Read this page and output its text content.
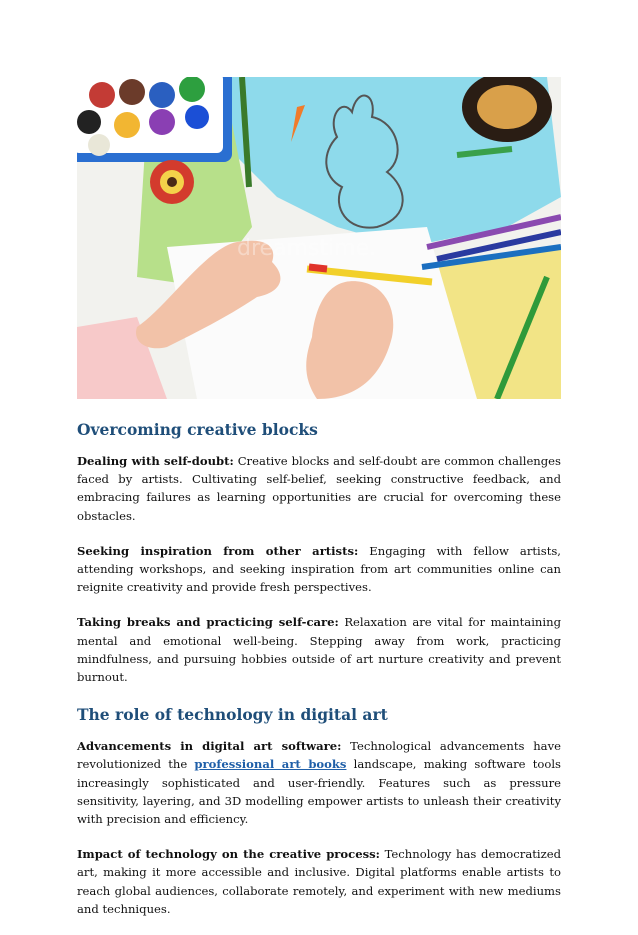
dreamstime.
Overcoming creative blocks

Dealing with self-doubt: Creative blocks and self-doubt are common challenges faced by artists. Cultivating self-belief, seeking constructive feedback, and embracing failures as learning opportunities are crucial for overcoming these obstacles.

Seeking inspiration from other artists: Engaging with fellow artists, attending workshops, and seeking inspiration from art communities online can reignite creativity and provide fresh perspectives.

Taking breaks and practicing self-care: Relaxation are vital for maintaining mental and emotional well-being. Stepping away from work, practicing mindfulness, and pursuing hobbies outside of art nurture creativity and prevent burnout.

The role of technology in digital art

Advancements in digital art software: Technological advancements have revolutionized the professional art books landscape, making software tools increasingly sophisticated and user-friendly. Features such as pressure sensitivity, layering, and 3D modelling empower artists to unleash their creativity with precision and efficiency.

Impact of technology on the creative process: Technology has democratized art, making it more accessible and inclusive. Digital platforms enable artists to reach global audiences, collaborate remotely, and experiment with new mediums and techniques.
